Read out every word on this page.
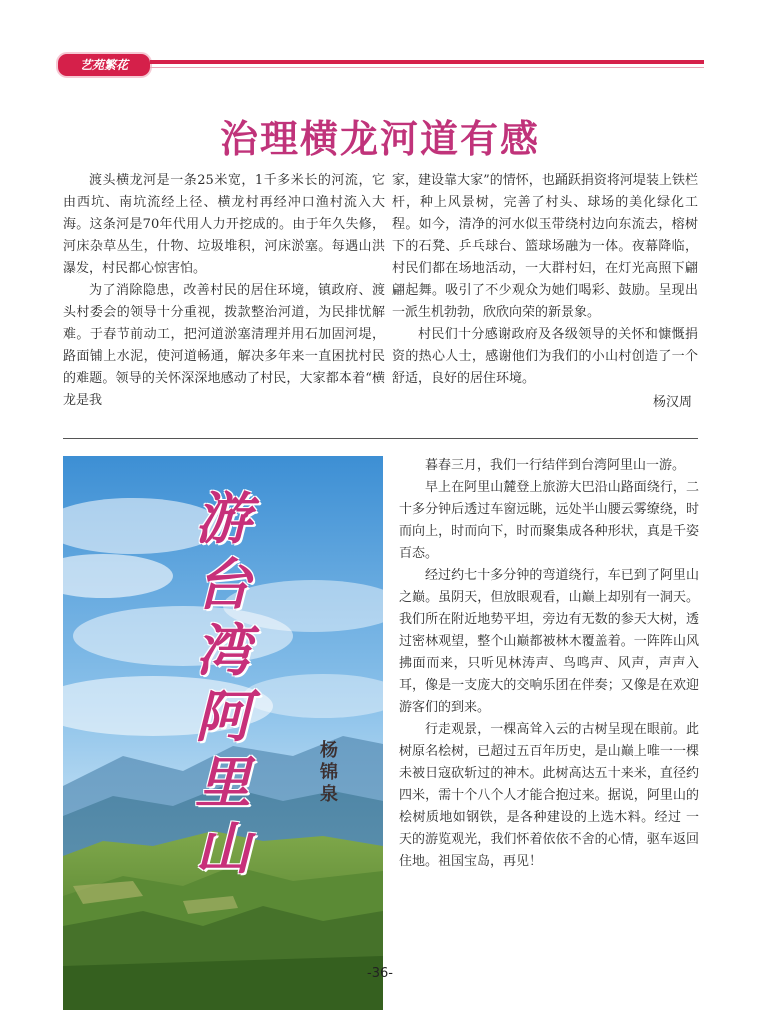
艺苑繁花
治理横龙河道有感

渡头横龙河是一条25米宽，1千多米长的河流，它由西坑、南坑流经上径、横龙村再经冲口渔村流入大海。这条河是70年代用人力开挖成的。由于年久失修，河床杂草丛生，什物、垃圾堆积，河床淤塞。每遇山洪瀑发，村民都心惊害怕。

为了消除隐患，改善村民的居住环境，镇政府、渡头村委会的领导十分重视，拨款整治河道，为民排忧解难。于春节前动工，把河道淤塞清理并用石加固河堤，路面铺上水泥，使河道畅通，解决多年来一直困扰村民的难题。领导的关怀深深地感动了村民，大家都本着“横龙是我

家，建设靠大家”的情怀，也踊跃捐资将河堤装上铁栏杆，种上风景树，完善了村头、球场的美化绿化工程。如今，清净的河水似玉带绕村边向东流去，榕树下的石凳、乒乓球台、篮球场融为一体。夜幕降临，村民们都在场地活动，一大群村妇，在灯光高照下翩翩起舞。吸引了不少观众为她们喝彩、鼓励。呈现出一派生机勃勃，欣欣向荣的新景象。

村民们十分感谢政府及各级领导的关怀和慷慨捐资的热心人士，感谢他们为我们的小山村创造了一个舒适，良好的居住环境。

杨汉周

游
台
湾
阿
里
山
杨
锦
泉

暮春三月，我们一行结伴到台湾阿里山一游。

早上在阿里山麓登上旅游大巴沿山路面绕行，二十多分钟后透过车窗远眺，远处半山腰云雾缭绕，时而向上，时而向下，时而聚集成各种形状，真是千姿百态。

经过约七十多分钟的弯道绕行，车已到了阿里山之巅。虽阴天，但放眼观看，山巅上却别有一洞天。我们所在附近地势平坦，旁边有无数的参天大树，透过密林观望，整个山巅都被林木覆盖着。一阵阵山风拂面而来，只听见林涛声、鸟鸣声、风声，声声入耳，像是一支庞大的交响乐团在伴奏；又像是在欢迎游客们的到来。

行走观景，一棵高耸入云的古树呈现在眼前。此树原名桧树，已超过五百年历史，是山巅上唯一一棵未被日寇砍斩过的神木。此树高达五十来米，直径约四米，需十个八个人才能合抱过来。据说，阿里山的桧树质地如钢铁，是各种建设的上选木料。经过 一天的游览观光，我们怀着依依不舍的心情，驱车返回住地。祖国宝岛，再见！

-36-
